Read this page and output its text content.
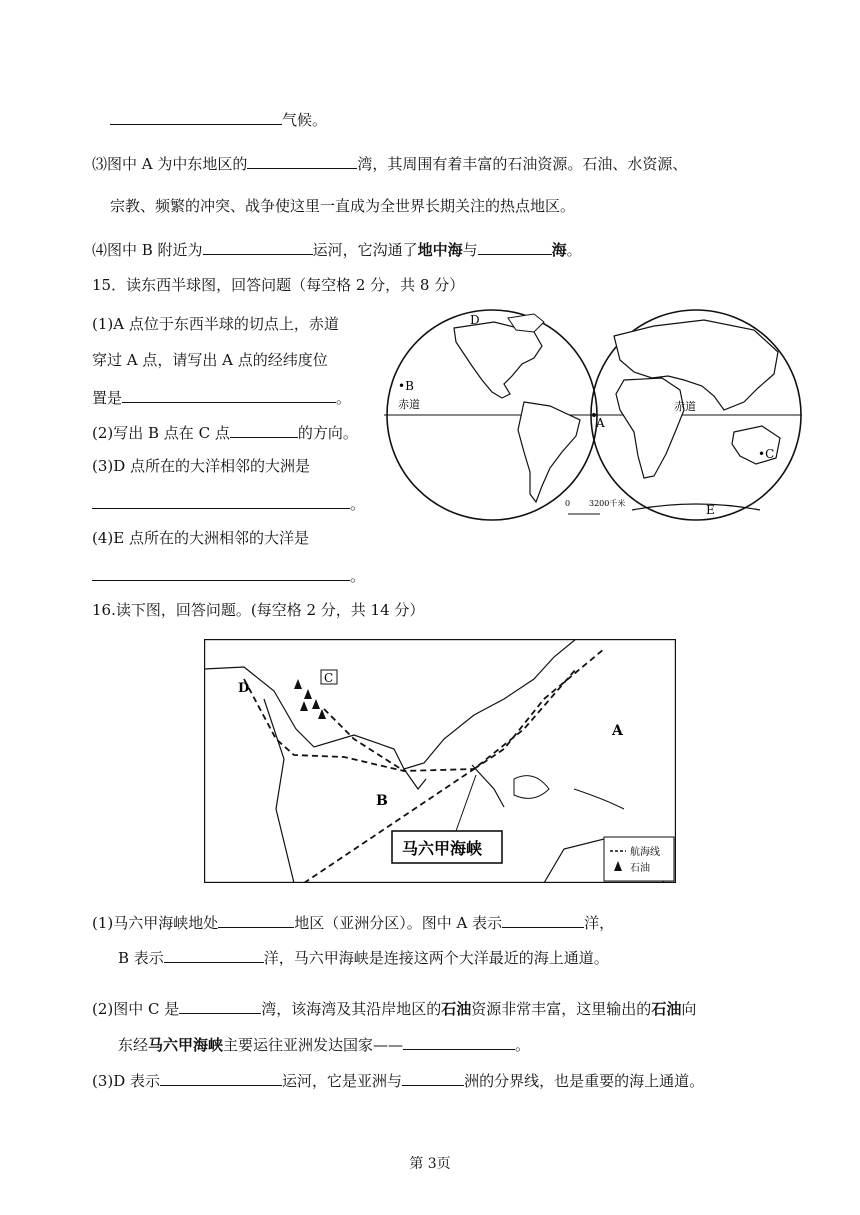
气候。
⑶图中 A 为中东地区的	湾，其周围有着丰富的石油资源。石油、水资源、
宗教、频繁的冲突、战争使这里一直成为全世界长期关注的热点地区。
⑷图中 B 附近为	运河，它沟通了地中海与	海。
15．读东西半球图，回答问题（每空格 2 分，共 8 分）
(1)A 点位于东西半球的切点上，赤道
穿过 A 点，请写出 A 点的经纬度位
置是	。
(2)写出 B 点在 C 点	的方向。
(3)D 点所在的大洋相邻的大洲是
。
(4)E 点所在的大洲相邻的大洋是
。
D
•B
赤道	赤道
A
•C
E
0 3200千米
16.读下图，回答问题。(每空格 2 分，共 14 分）
C
D
A
B
马六甲海峡	航海线
石油
(1)马六甲海峡地处	地区（亚洲分区）。图中 A 表示	洋，
B 表示	洋，马六甲海峡是连接这两个大洋最近的海上通道。
(2)图中 C 是	湾，该海湾及其沿岸地区的石油资源非常丰富，这里输出的石油向
东经马六甲海峡主要运往亚洲发达国家——	。
(3)D 表示	运河，它是亚洲与	洲的分界线，也是重要的海上通道。
第 3页
